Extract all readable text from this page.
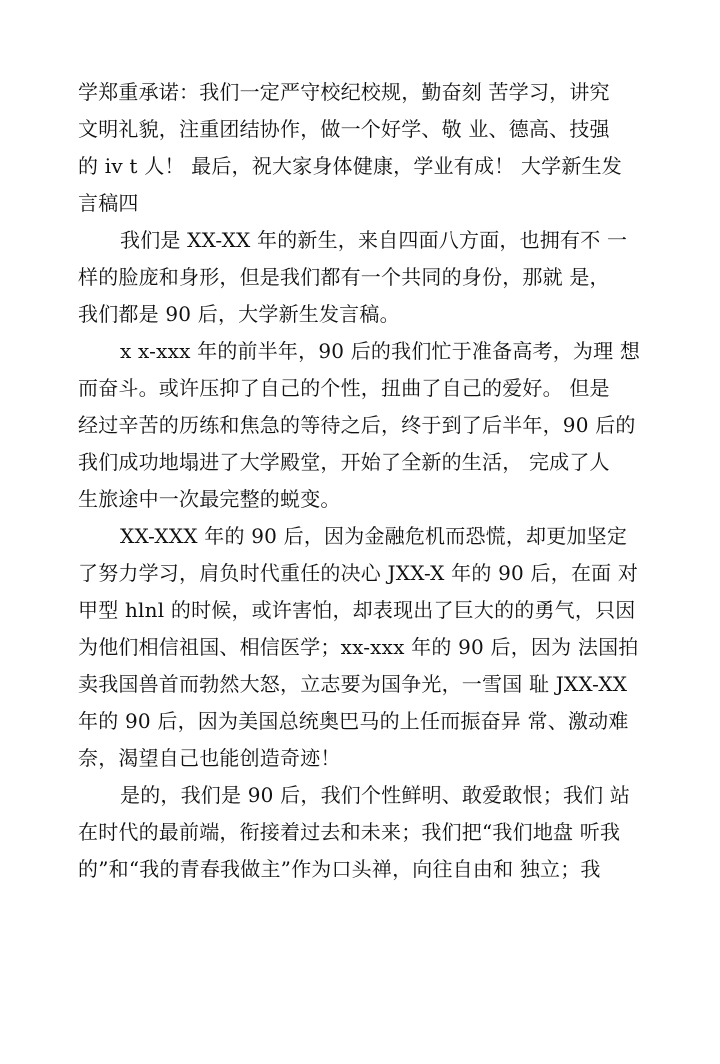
学郑重承诺：我们一定严守校纪校规，勤奋刻 苦学习，讲究
文明礼貌，注重团结协作，做一个好学、敬 业、德高、技强
的 iv t 人！ 最后，祝大家身体健康，学业有成！ 大学新生发
言稿四
我们是 XX-XX 年的新生，来自四面八方面，也拥有不 一
样的脸庞和身形，但是我们都有一个共同的身份，那就 是，
我们都是 90 后，大学新生发言稿。
x x-xxx 年的前半年，90 后的我们忙于准备高考，为理 想
而奋斗。或许压抑了自己的个性，扭曲了自己的爱好。 但是
经过辛苦的历练和焦急的等待之后，终于到了后半年，90 后的
我们成功地塌进了大学殿堂，开始了全新的生活， 完成了人
生旅途中一次最完整的蜕变。
XX-XXX 年的 90 后，因为金融危机而恐慌，却更加坚定
了努力学习，肩负时代重任的决心 JXX-X 年的 90 后，在面 对
甲型 hlnl 的时候，或许害怕，却表现出了巨大的的勇气，只因
为他们相信祖国、相信医学；xx-xxx 年的 90 后，因为 法国拍
卖我国兽首而勃然大怒，立志要为国争光，一雪国 耻 JXX-XX
年的 90 后，因为美国总统奥巴马的上任而振奋异 常、激动难
奈，渴望自己也能创造奇迹！
是的，我们是 90 后，我们个性鲜明、敢爱敢恨；我们 站
在时代的最前端，衔接着过去和未来；我们把“我们地盘 听我
的”和“我的青春我做主”作为口头禅，向往自由和 独立；我
